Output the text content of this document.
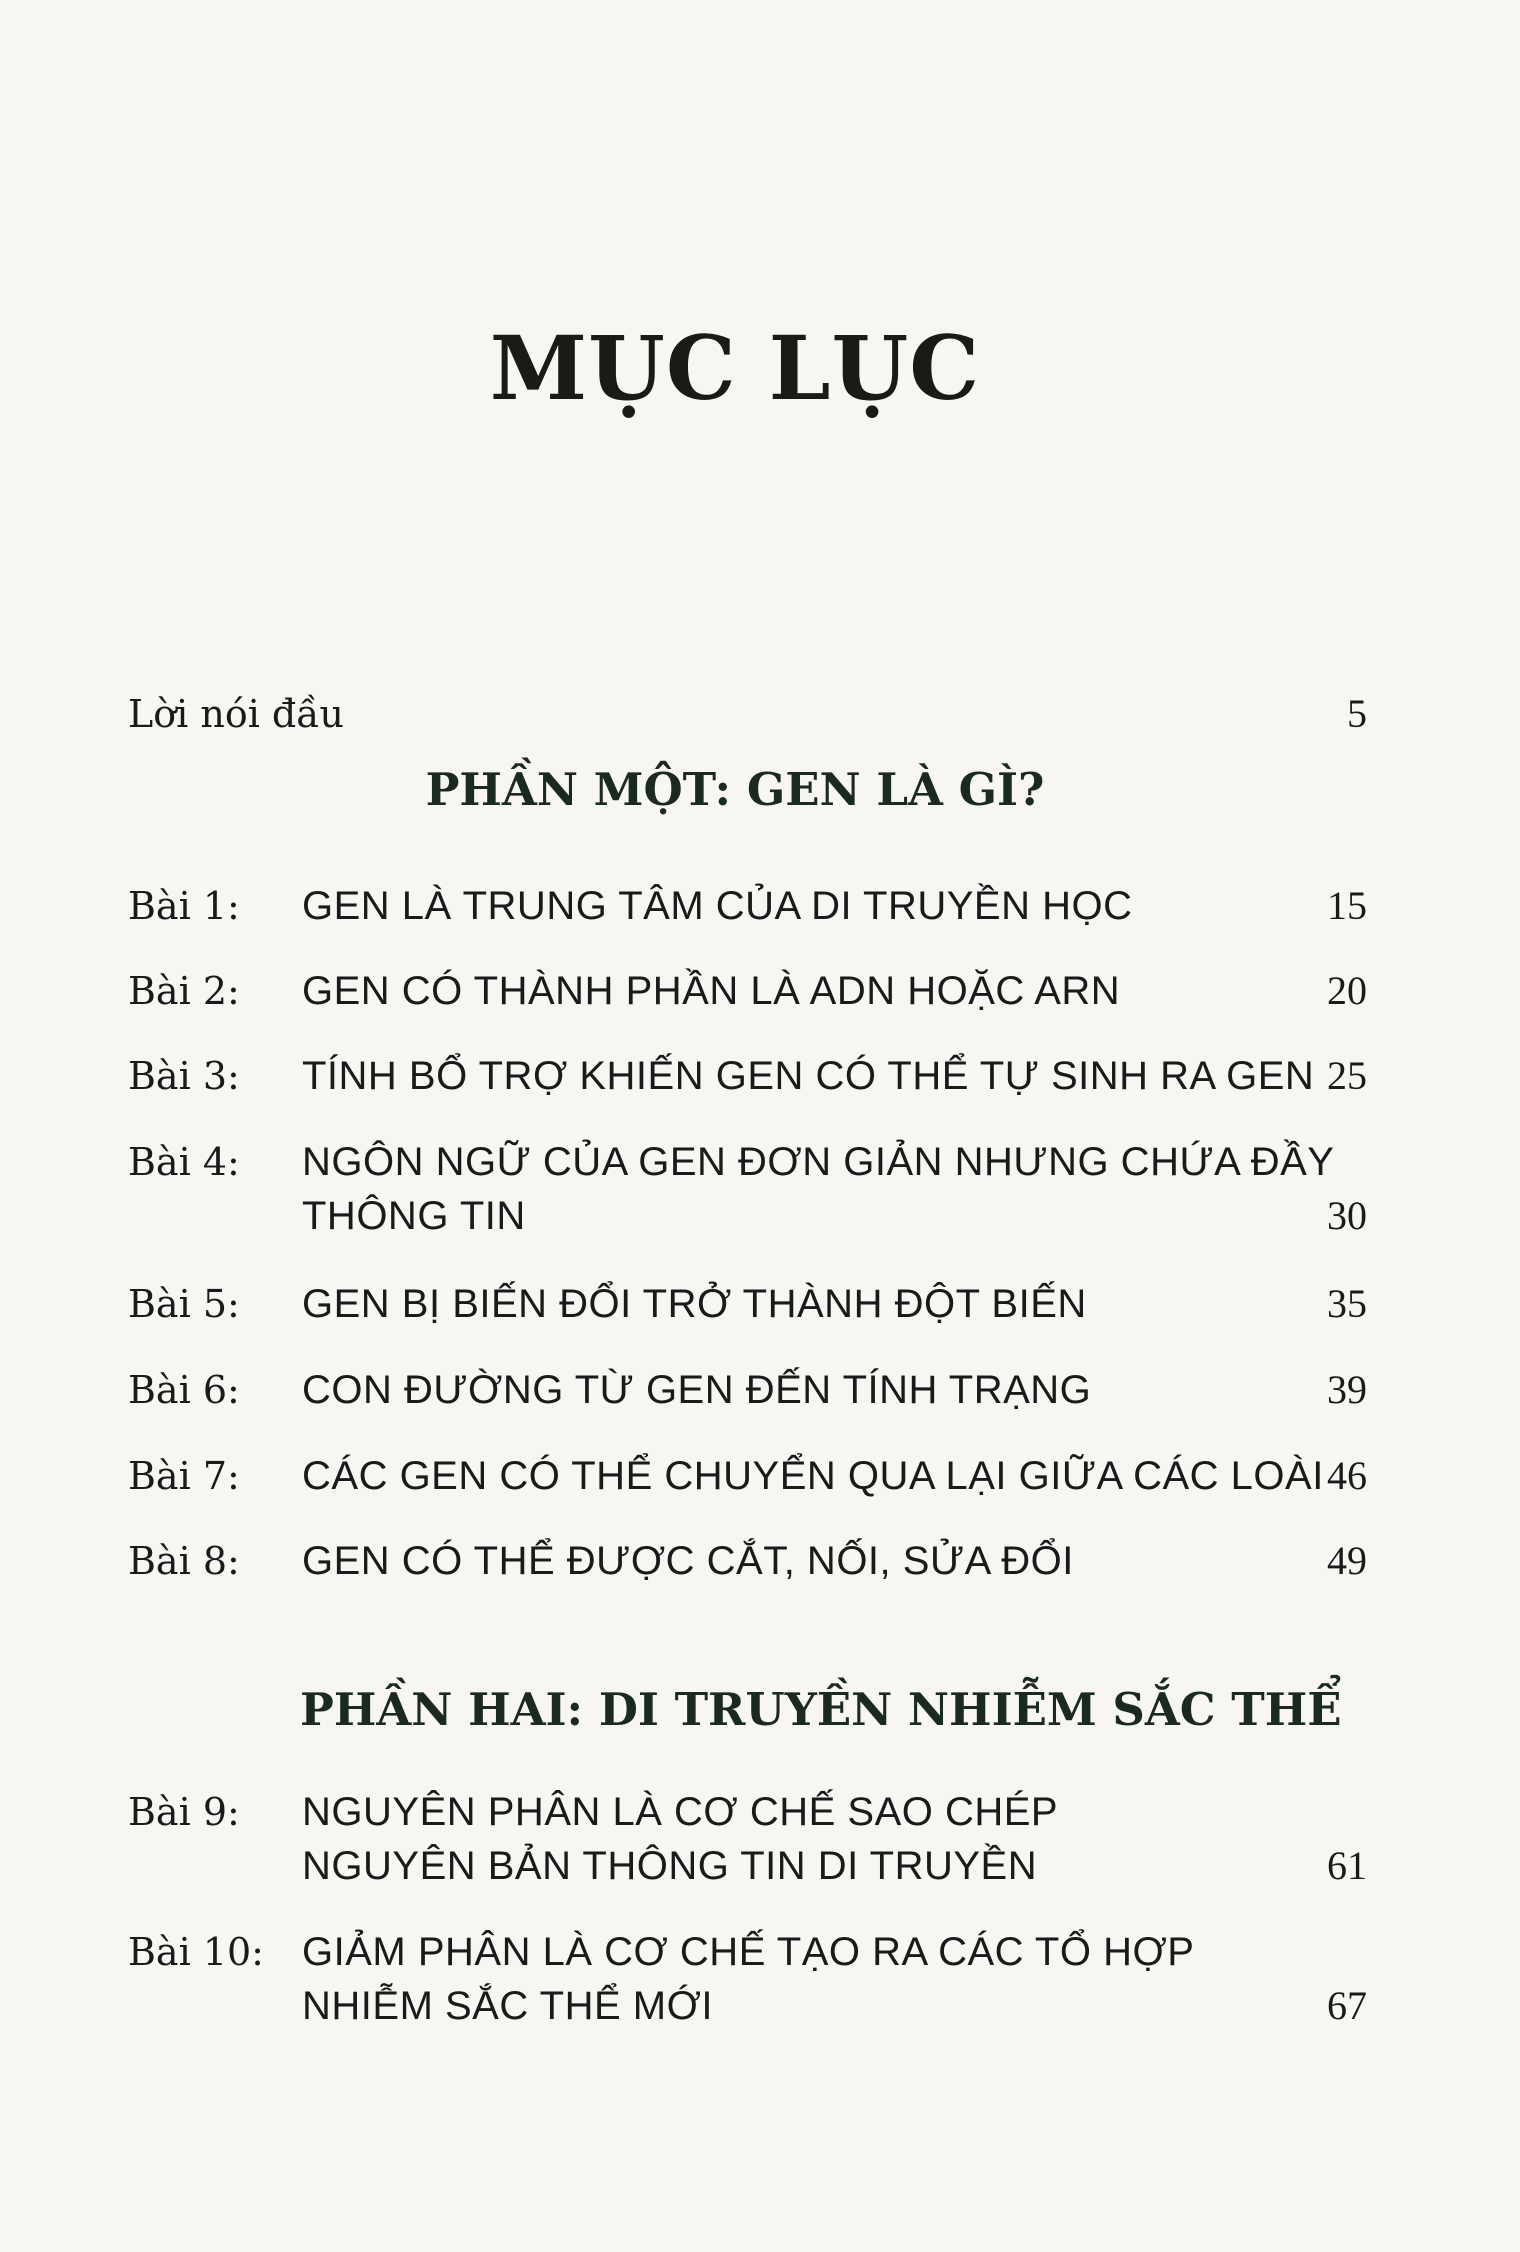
MỤC LỤC
Lời nói đầu	5
PHẦN MỘT: GEN LÀ GÌ?
Bài 1: GEN LÀ TRUNG TÂM CỦA DI TRUYỀN HỌC	15
Bài 2: GEN CÓ THÀNH PHẦN LÀ ADN HOẶC ARN	20
Bài 3: TÍNH BỔ TRỢ KHIẾN GEN CÓ THỂ TỰ SINH RA GEN 25
Bài 4: NGÔN NGỮ CỦA GEN ĐƠN GIẢN NHƯNG CHỨA ĐẦY
THÔNG TIN	30
Bài 5: GEN BỊ BIẾN ĐỔI TRỞ THÀNH ĐỘT BIẾN	35
Bài 6: CON ĐƯỜNG TỪ GEN ĐẾN TÍNH TRẠNG	39
Bài 7: CÁC GEN CÓ THỂ CHUYỂN QUA LẠI GIỮA CÁC LOÀI 46
Bài 8: GEN CÓ THỂ ĐƯỢC CẮT, NỐI, SỬA ĐỔI	49
PHẦN HAI: DI TRUYỀN NHIỄM SẮC THỂ
Bài 9: NGUYÊN PHÂN LÀ CƠ CHẾ SAO CHÉP
NGUYÊN BẢN THÔNG TIN DI TRUYỀN	61
Bài 10: GIẢM PHÂN LÀ CƠ CHẾ TẠO RA CÁC TỔ HỢP
NHIỄM SẮC THỂ MỚI	67
